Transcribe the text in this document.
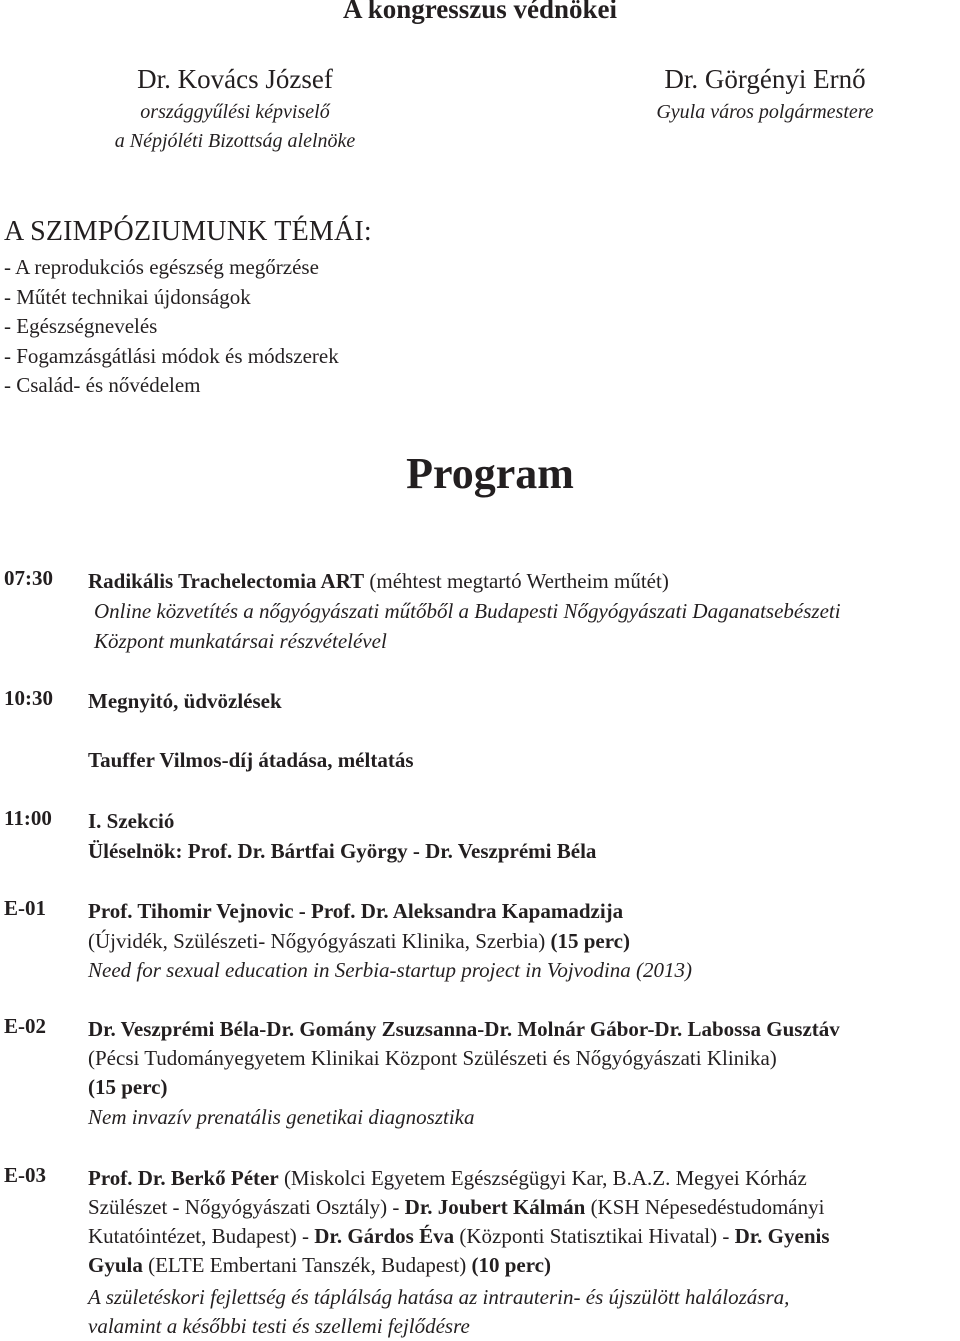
A kongresszus védnökei
Dr. Kovács József
országgyűlési képviselő
a Népjóléti Bizottság alelnöke
Dr. Görgényi Ernő
Gyula város polgármestere
A SZIMPÓZIUMUNK TÉMÁI:
- A reprodukciós egészség megőrzése
- Műtét technikai újdonságok
- Egészségnevelés
- Fogamzásgátlási módok és módszerek
- Család- és nővédelem
Program
07:30 Radikális Trachelectomia ART (méhtest megtartó Wertheim műtét)
Online közvetítés a nőgyógyászati műtőből a Budapesti Nőgyógyászati Daganatsebészeti
Központ munkatársai részvételével
10:30 Megnyitó, üdvözlések
Tauffer Vilmos-díj átadása, méltatás
11:00 I. Szekció
Üléselnök: Prof. Dr. Bártfai György - Dr. Veszprémi Béla
E-01 Prof. Tihomir Vejnovic - Prof. Dr. Aleksandra Kapamadzija
(Újvidék, Szülészeti- Nőgyógyászati Klinika, Szerbia) (15 perc)
Need for sexual education in Serbia-startup project in Vojvodina (2013)
E-02 Dr. Veszprémi Béla-Dr. Gomány Zsuzsanna-Dr. Molnár Gábor-Dr. Labossa Gusztáv
(Pécsi Tudományegyetem Klinikai Központ Szülészeti és Nőgyógyászati Klinika)
(15 perc)
Nem invazív prenatális genetikai diagnosztika
E-03 Prof. Dr. Berkő Péter (Miskolci Egyetem Egészségügyi Kar, B.A.Z. Megyei Kórház
Szülészet - Nőgyógyászati Osztály) - Dr. Joubert Kálmán (KSH Népesedéstudományi
Kutatóintézet, Budapest) - Dr. Gárdos Éva (Központi Statisztikai Hivatal) - Dr. Gyenis
Gyula (ELTE Embertani Tanszék, Budapest) (10 perc)
A születéskori fejlettség és táplálság hatása az intrauterin- és újszülött halálozásra,
valamint a későbbi testi és szellemi fejlődésre
